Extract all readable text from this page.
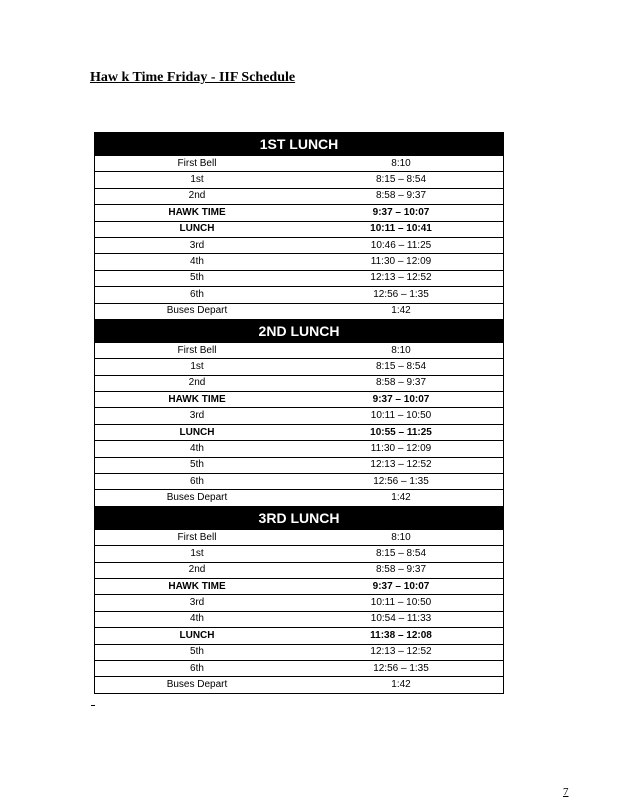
Haw k Time Friday - IIF Schedule
1ST LUNCH	
First Bell	8:10
1st	8:15 – 8:54
2nd	8:58 – 9:37
HAWK TIME	9:37 – 10:07
LUNCH	10:11 – 10:41
3rd	10:46 – 11:25
4th	11:30 – 12:09
5th	12:13 – 12:52
6th	12:56 – 1:35
Buses Depart	1:42
2ND LUNCH	
First Bell	8:10
1st	8:15 – 8:54
2nd	8:58 – 9:37
HAWK TIME	9:37 – 10:07
3rd	10:11 – 10:50
LUNCH	10:55 – 11:25
4th	11:30 – 12:09
5th	12:13 – 12:52
6th	12:56 – 1:35
Buses Depart	1:42
3RD LUNCH	
First Bell	8:10
1st	8:15 – 8:54
2nd	8:58 – 9:37
HAWK TIME	9:37 – 10:07
3rd	10:11 – 10:50
4th	10:54 – 11:33
LUNCH	11:38 – 12:08
5th	12:13 – 12:52
6th	12:56 – 1:35
Buses Depart	1:42
7
